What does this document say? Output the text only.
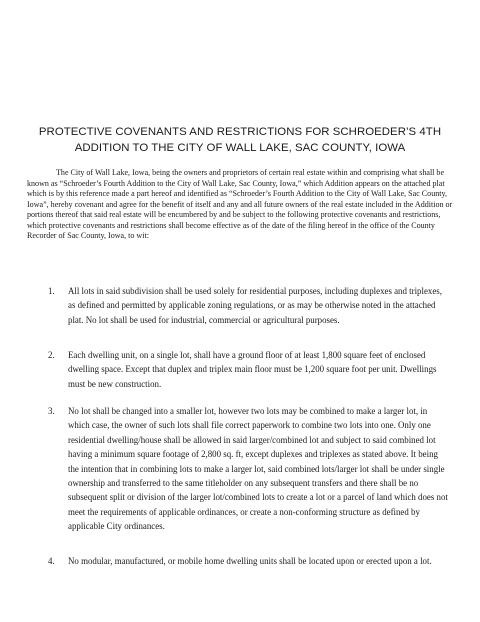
PROTECTIVE COVENANTS AND RESTRICTIONS FOR SCHROEDER’S 4TH ADDITION TO THE CITY OF WALL LAKE, SAC COUNTY, IOWA

The City of Wall Lake, Iowa, being the owners and proprietors of certain real estate within and comprising what shall be known as “Schroeder’s Fourth Addition to the City of Wall Lake, Sac County, Iowa,” which Addition appears on the attached plat which is by this reference made a part hereof and identified as “Schroeder’s Fourth Addition to the City of Wall Lake, Sac County, Iowa”, hereby covenant and agree for the benefit of itself and any and all future owners of the real estate included in the Addition or portions thereof that said real estate will be encumbered by and be subject to the following protective covenants and restrictions, which protective covenants and restrictions shall become effective as of the date of the filing hereof in the office of the County Recorder of Sac County, Iowa, to wit:

1. All lots in said subdivision shall be used solely for residential purposes, including duplexes and triplexes, as defined and permitted by applicable zoning regulations, or as may be otherwise noted in the attached plat. No lot shall be used for industrial, commercial or agricultural purposes.
2. Each dwelling unit, on a single lot, shall have a ground floor of at least 1,800 square feet of enclosed dwelling space. Except that duplex and triplex main floor must be 1,200 square foot per unit. Dwellings must be new construction.
3. No lot shall be changed into a smaller lot, however two lots may be combined to make a larger lot, in which case, the owner of such lots shall file correct paperwork to combine two lots into one. Only one residential dwelling/house shall be allowed in said larger/combined lot and subject to said combined lot having a minimum square footage of 2,800 sq. ft, except duplexes and triplexes as stated above. It being the intention that in combining lots to make a larger lot, said combined lots/larger lot shall be under single ownership and transferred to the same titleholder on any subsequent transfers and there shall be no subsequent split or division of the larger lot/combined lots to create a lot or a parcel of land which does not meet the requirements of applicable ordinances, or create a non-conforming structure as defined by applicable City ordinances.
4. No modular, manufactured, or mobile home dwelling units shall be located upon or erected upon a lot.
